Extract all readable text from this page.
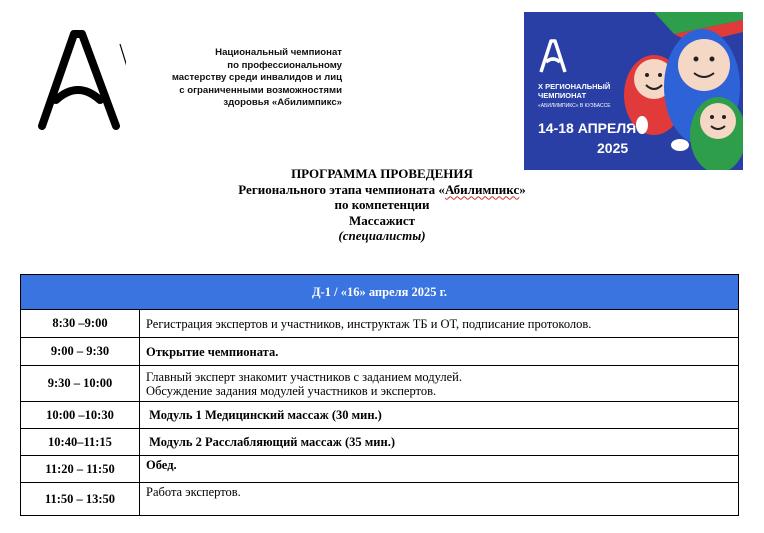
Национальный чемпионат
по профессиональному
мастерству среди инвалидов и лиц
с ограниченными возможностями
здоровья «Абилимпикс»
X РЕГИОНАЛЬНЫЙ
ЧЕМПИОНАТ
«АБИЛИМПИКС» В КУЗБАССЕ
14-18 АПРЕЛЯ
2025
ПРОГРАММА ПРОВЕДЕНИЯ
Регионального этапа чемпионата «Абилимпикс»
по компетенции
Массажист
(специалисты)
Д-1 / «16» апреля 2025 г.	
8:30 –9:00	Регистрация экспертов и участников, инструктаж ТБ и ОТ, подписание протоколов.
9:00 – 9:30	Открытие чемпионата.
9:30 – 10:00	Главный эксперт знакомит участников с заданием модулей.
Обсуждение задания модулей участников и экспертов.

10:00 –10:30	Модуль 1 Медицинский массаж (30 мин.)
10:40–11:15	Модуль 2 Расслабляющий массаж (35 мин.)
11:20 – 11:50	Обед.
11:50 – 13:50	Работа экспертов.
